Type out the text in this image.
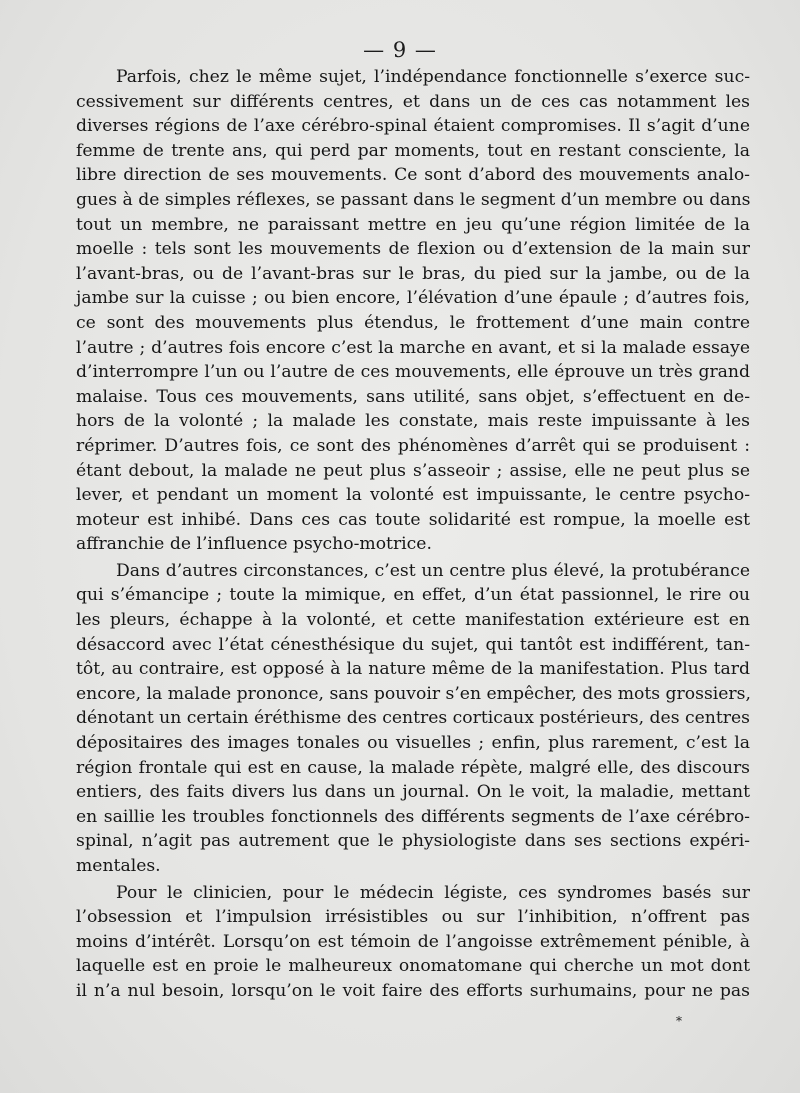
— 9 —

Parfois, chez le même sujet, l’indépendance fonctionnelle s’exerce suc-
cessivement sur différents centres, et dans un de ces cas notamment les
diverses régions de l’axe cérébro-spinal étaient compromises. Il s’agit d’une
femme de trente ans, qui perd par moments, tout en restant consciente, la
libre direction de ses mouvements. Ce sont d’abord des mouvements analo-
gues à de simples réflexes, se passant dans le segment d’un membre ou dans
tout un membre, ne paraissant mettre en jeu qu’une région limitée de la
moelle : tels sont les mouvements de flexion ou d’extension de la main sur
l’avant-bras, ou de l’avant-bras sur le bras, du pied sur la jambe, ou de la
jambe sur la cuisse ; ou bien encore, l’élévation d’une épaule ; d’autres fois,
ce sont des mouvements plus étendus, le frottement d’une main contre
l’autre ; d’autres fois encore c’est la marche en avant, et si la malade essaye
d’interrompre l’un ou l’autre de ces mouvements, elle éprouve un très grand
malaise. Tous ces mouvements, sans utilité, sans objet, s’effectuent en de-
hors de la volonté ; la malade les constate, mais reste impuissante à les
réprimer. D’autres fois, ce sont des phénomènes d’arrêt qui se produisent :
étant debout, la malade ne peut plus s’asseoir ; assise, elle ne peut plus se
lever, et pendant un moment la volonté est impuissante, le centre psycho-
moteur est inhibé. Dans ces cas toute solidarité est rompue, la moelle est
affranchie de l’influence psycho-motrice.

Dans d’autres circonstances, c’est un centre plus élevé, la protubérance
qui s’émancipe ; toute la mimique, en effet, d’un état passionnel, le rire ou
les pleurs, échappe à la volonté, et cette manifestation extérieure est en
désaccord avec l’état cénesthésique du sujet, qui tantôt est indifférent, tan-
tôt, au contraire, est opposé à la nature même de la manifestation. Plus tard
encore, la malade prononce, sans pouvoir s’en empêcher, des mots grossiers,
dénotant un certain éréthisme des centres corticaux postérieurs, des centres
dépositaires des images tonales ou visuelles ; enfin, plus rarement, c’est la
région frontale qui est en cause, la malade répète, malgré elle, des discours
entiers, des faits divers lus dans un journal. On le voit, la maladie, mettant
en saillie les troubles fonctionnels des différents segments de l’axe cérébro-
spinal, n’agit pas autrement que le physiologiste dans ses sections expéri-
mentales.

Pour le clinicien, pour le médecin légiste, ces syndromes basés sur
l’obsession et l’impulsion irrésistibles ou sur l’inhibition, n’offrent pas
moins d’intérêt. Lorsqu’on est témoin de l’angoisse extrêmement pénible, à
laquelle est en proie le malheureux onomatomane qui cherche un mot dont
il n’a nul besoin, lorsqu’on le voit faire des efforts surhumains, pour ne pas

*
